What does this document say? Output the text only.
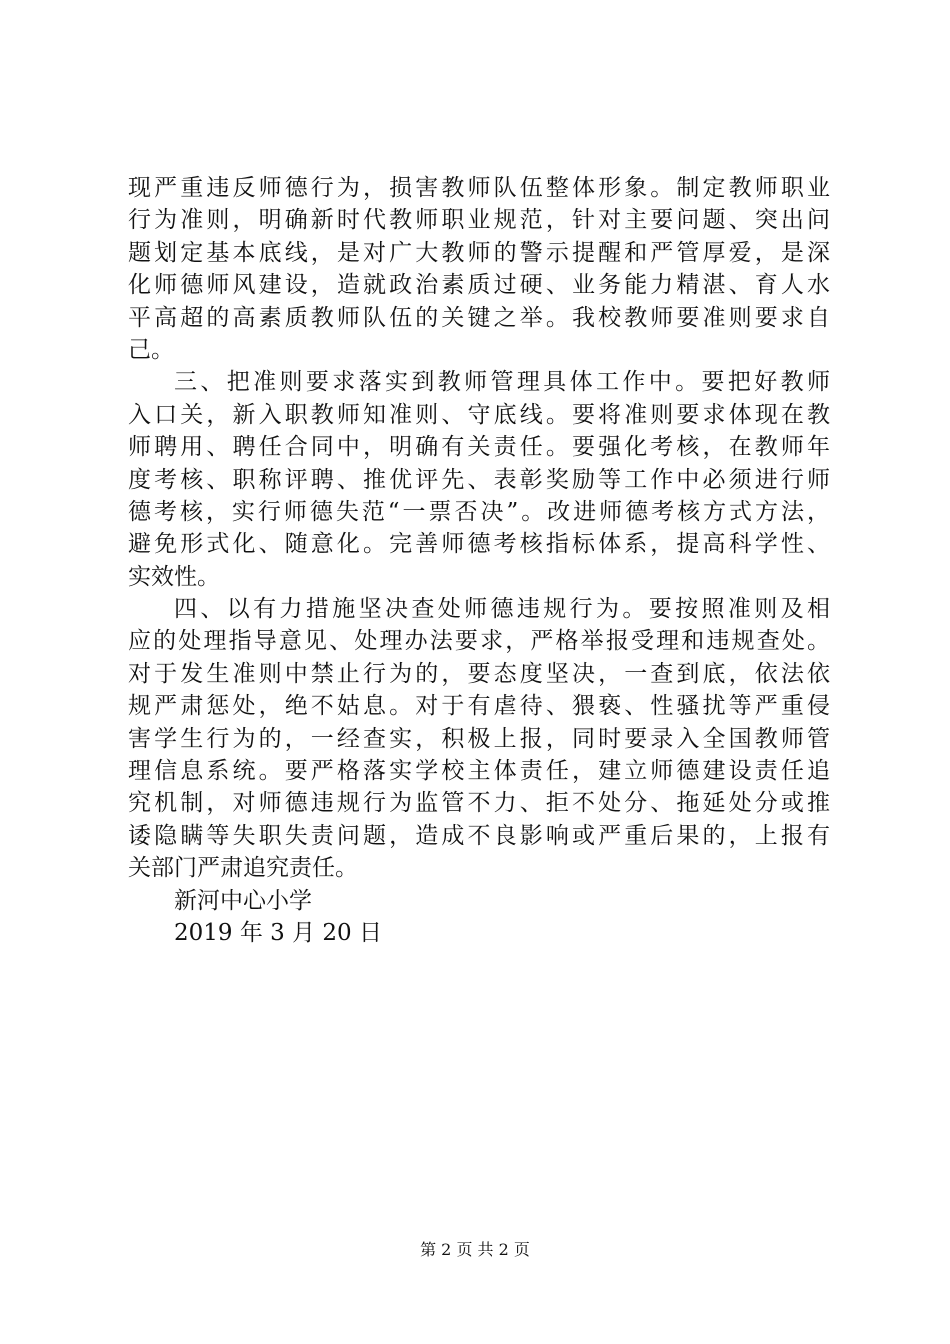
现严重违反师德行为，损害教师队伍整体形象。制定教师职业
行为准则，明确新时代教师职业规范，针对主要问题、突出问
题划定基本底线，是对广大教师的警示提醒和严管厚爱，是深
化师德师风建设，造就政治素质过硬、业务能力精湛、育人水
平高超的高素质教师队伍的关键之举。我校教师要准则要求自
己。
三、把准则要求落实到教师管理具体工作中。要把好教师
入口关，新入职教师知准则、守底线。要将准则要求体现在教
师聘用、聘任合同中，明确有关责任。要强化考核，在教师年
度考核、职称评聘、推优评先、表彰奖励等工作中必须进行师
德考核，实行师德失范“一票否决”。改进师德考核方式方法，
避免形式化、随意化。完善师德考核指标体系，提高科学性、
实效性。
四、以有力措施坚决查处师德违规行为。要按照准则及相
应的处理指导意见、处理办法要求，严格举报受理和违规查处。
对于发生准则中禁止行为的，要态度坚决，一查到底，依法依
规严肃惩处，绝不姑息。对于有虐待、猥亵、性骚扰等严重侵
害学生行为的，一经查实，积极上报，同时要录入全国教师管
理信息系统。要严格落实学校主体责任，建立师德建设责任追
究机制，对师德违规行为监管不力、拒不处分、拖延处分或推
诿隐瞒等失职失责问题，造成不良影响或严重后果的，上报有
关部门严肃追究责任。
新河中心小学
2019 年 3 月 20 日
第 2 页 共 2 页
